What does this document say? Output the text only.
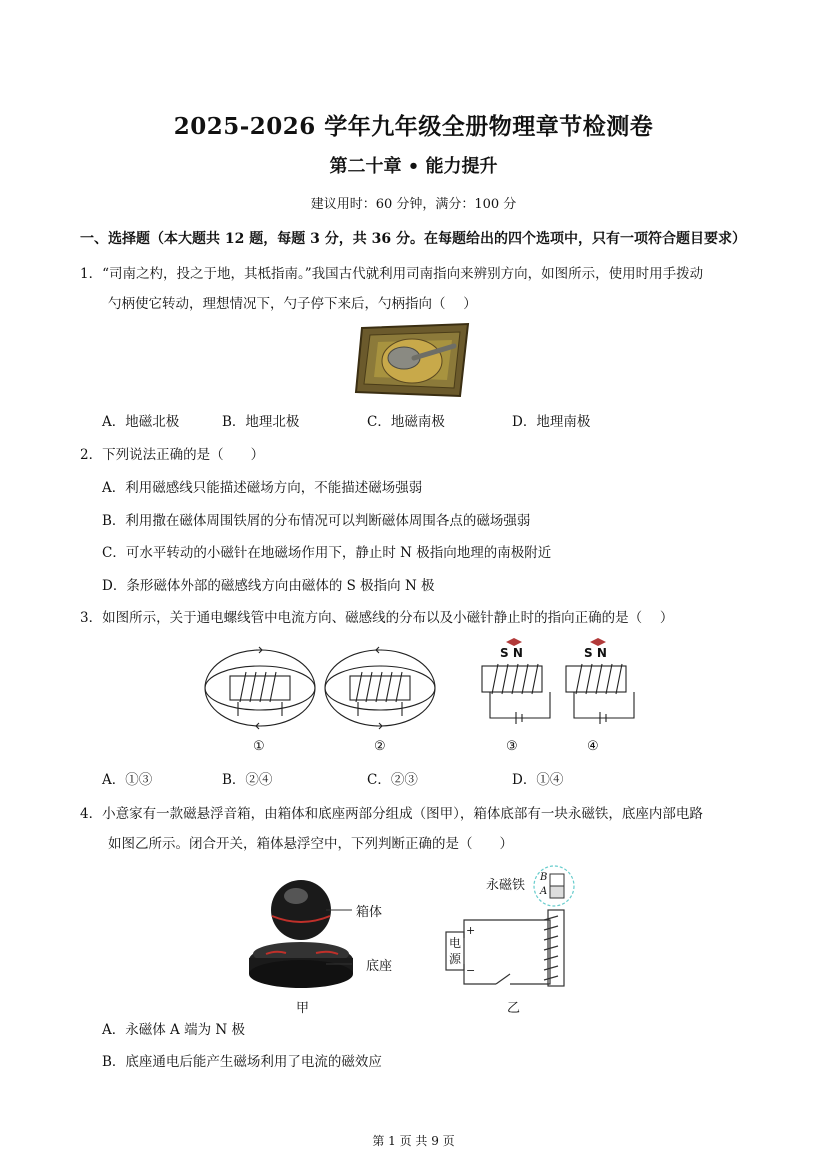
2025-2026 学年九年级全册物理章节检测卷
第二十章 • 能力提升
建议用时：60 分钟，满分：100 分
一、选择题（本大题共 12 题，每题 3 分，共 36 分。在每题给出的四个选项中，只有一项符合题目要求）
1．“司南之杓，投之于地，其柢指南。”我国古代就利用司南指向来辨别方向，如图所示，使用时用手拨动
勺柄使它转动，理想情况下，勺子停下来后，勺柄指向（　 ）
A．地磁北极	B．地理北极	C．地磁南极	D．地理南极
2．下列说法正确的是（　　）
A．利用磁感线只能描述磁场方向，不能描述磁场强弱
B．利用撒在磁体周围铁屑的分布情况可以判断磁体周围各点的磁场强弱
C．可水平转动的小磁针在地磁场作用下，静止时 N 极指向地理的南极附近
D．条形磁体外部的磁感线方向由磁体的 S 极指向 N 极
3．如图所示，关于通电螺线管中电流方向、磁感线的分布以及小磁针静止时的指向正确的是（　 ）
S N	S N
①	②	③	④
A．①③	B．②④	C．②③	D．①④
4．小意家有一款磁悬浮音箱，由箱体和底座两部分组成（图甲），箱体底部有一块永磁铁，底座内部电路
如图乙所示。闭合开关，箱体悬浮空中，下列判断正确的是（　　）
箱体
底座
甲
永磁铁
B
A
电源
+
−
乙
A．永磁体 A 端为 N 极
B．底座通电后能产生磁场利用了电流的磁效应
第 1 页 共 9 页
